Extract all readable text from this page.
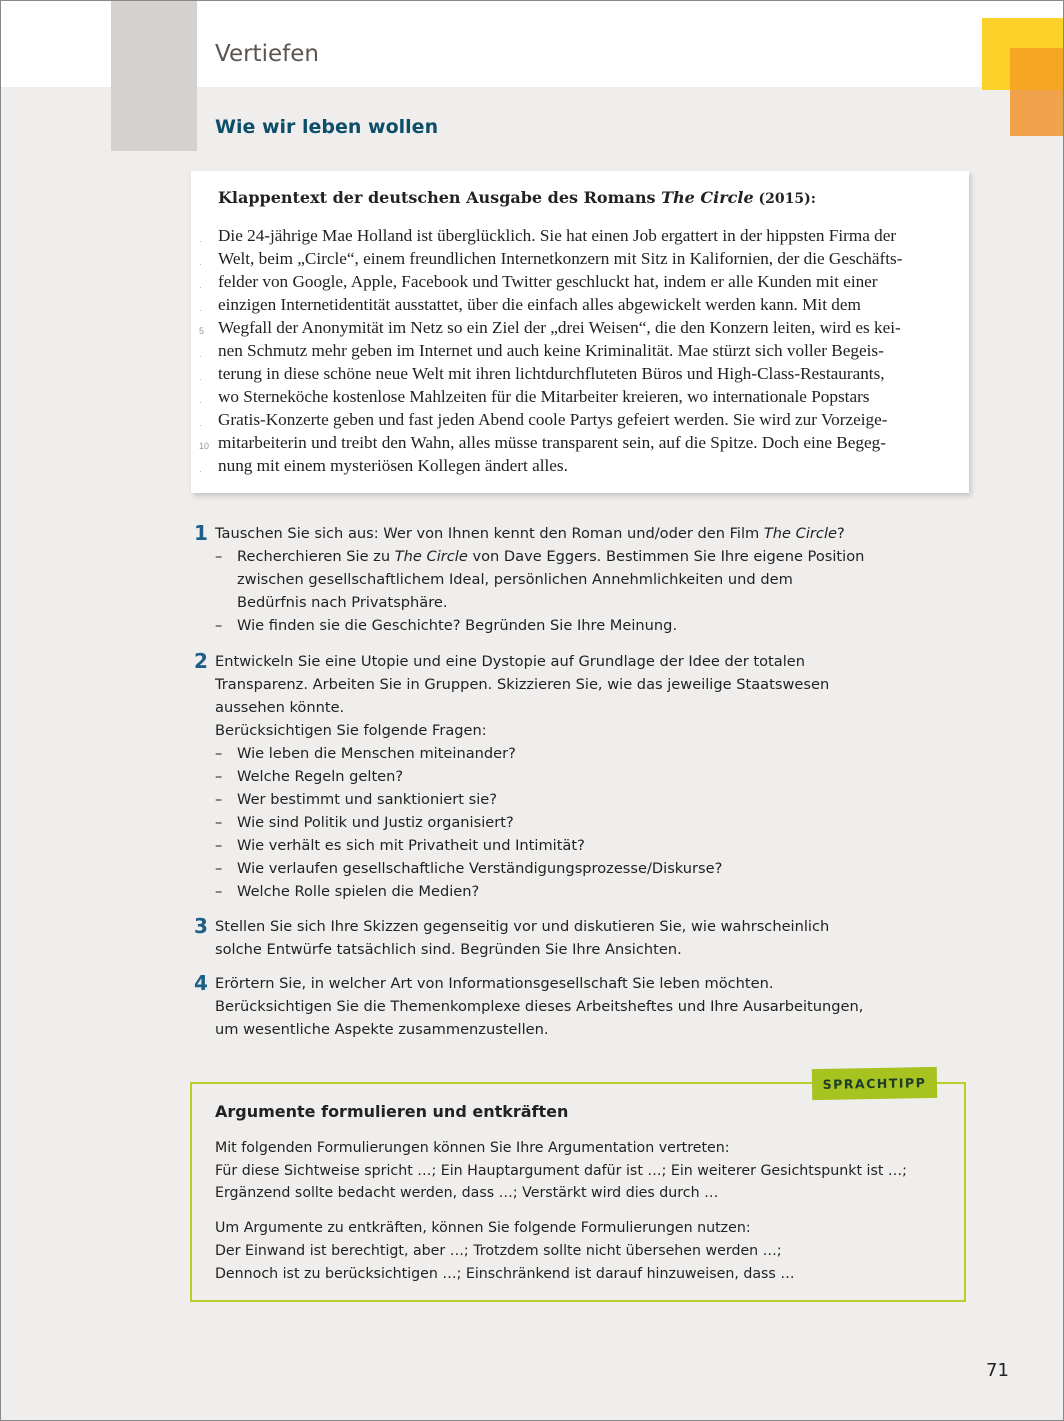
Vertiefen
Wie wir leben wollen
Klappentext der deutschen Ausgabe des Romans The Circle (2015):
. Die 24-jährige Mae Holland ist überglücklich. Sie hat einen Job ergattert in der hippsten Firma der
. Welt, beim „Circle“, einem freundlichen Internetkonzern mit Sitz in Kalifornien, der die Geschäfts-
. felder von Google, Apple, Facebook und Twitter geschluckt hat, indem er alle Kunden mit einer
. einzigen Internetidentität ausstattet, über die einfach alles abgewickelt werden kann. Mit dem
5 Wegfall der Anonymität im Netz so ein Ziel der „drei Weisen“, die den Konzern leiten, wird es kei-
. nen Schmutz mehr geben im Internet und auch keine Kriminalität. Mae stürzt sich voller Begeis-
. terung in diese schöne neue Welt mit ihren lichtdurchfluteten Büros und High-Class-Restaurants,
. wo Sterneköche kostenlose Mahlzeiten für die Mitarbeiter kreieren, wo internationale Popstars
. Gratis-Konzerte geben und fast jeden Abend coole Partys gefeiert werden. Sie wird zur Vorzeige-
10 mitarbeiterin und treibt den Wahn, alles müsse transparent sein, auf die Spitze. Doch eine Begeg-
. nung mit einem mysteriösen Kollegen ändert alles.
1 Tauschen Sie sich aus: Wer von Ihnen kennt den Roman und/oder den Film The Circle?
– Recherchieren Sie zu The Circle von Dave Eggers. Bestimmen Sie Ihre eigene Position
zwischen gesellschaftlichem Ideal, persönlichen Annehmlichkeiten und dem
Bedürfnis nach Privatsphäre.
– Wie finden sie die Geschichte? Begründen Sie Ihre Meinung.
2 Entwickeln Sie eine Utopie und eine Dystopie auf Grundlage der Idee der totalen
Transparenz. Arbeiten Sie in Gruppen. Skizzieren Sie, wie das jeweilige Staatswesen
aussehen könnte.
Berücksichtigen Sie folgende Fragen:
– Wie leben die Menschen miteinander?
– Welche Regeln gelten?
– Wer bestimmt und sanktioniert sie?
– Wie sind Politik und Justiz organisiert?
– Wie verhält es sich mit Privatheit und Intimität?
– Wie verlaufen gesellschaftliche Verständigungsprozesse/Diskurse?
– Welche Rolle spielen die Medien?
3 Stellen Sie sich Ihre Skizzen gegenseitig vor und diskutieren Sie, wie wahrscheinlich
solche Entwürfe tatsächlich sind. Begründen Sie Ihre Ansichten.
4 Erörtern Sie, in welcher Art von Informationsgesellschaft Sie leben möchten.
Berücksichtigen Sie die Themenkomplexe dieses Arbeitsheftes und Ihre Ausarbeitungen,
um wesentliche Aspekte zusammenzustellen.
SPRACHTIPP
Argumente formulieren und entkräften
Mit folgenden Formulierungen können Sie Ihre Argumentation vertreten:
Für diese Sichtweise spricht …; Ein Hauptargument dafür ist …; Ein weiterer Gesichtspunkt ist …;
Ergänzend sollte bedacht werden, dass …; Verstärkt wird dies durch …
Um Argumente zu entkräften, können Sie folgende Formulierungen nutzen:
Der Einwand ist berechtigt, aber …; Trotzdem sollte nicht übersehen werden …;
Dennoch ist zu berücksichtigen …; Einschränkend ist darauf hinzuweisen, dass …
71
